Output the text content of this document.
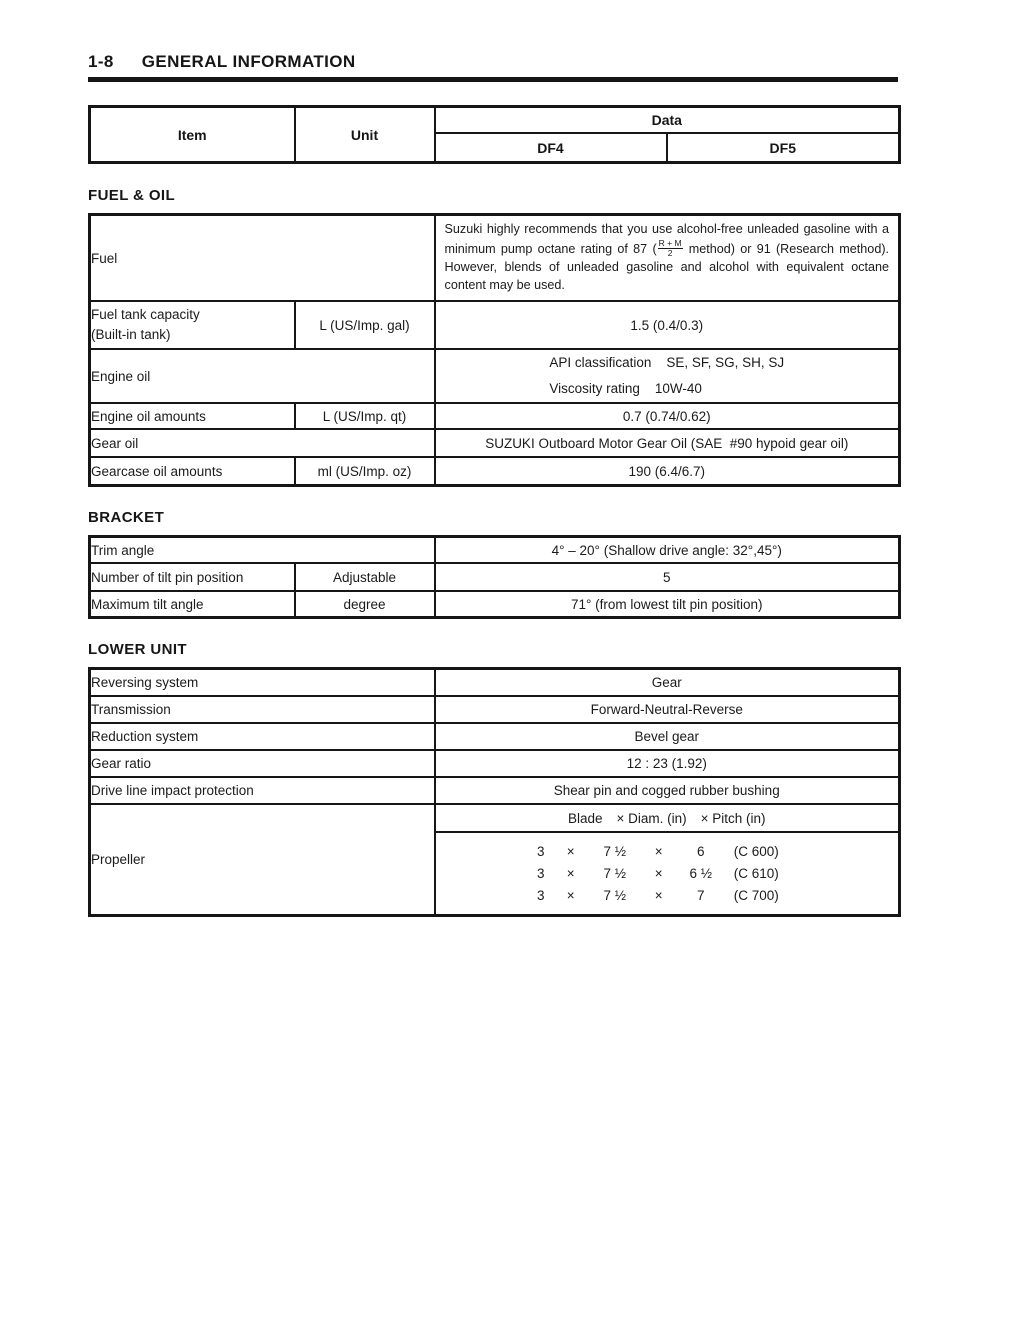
1-8 GENERAL INFORMATION
Item	Unit	Data	
		DF4	DF5
FUEL & OIL
Fuel		Suzuki highly recommends that you use alcohol-free unleaded gasoline with a minimum pump octane rating of 87 ( $\frac{R + M}{2}$ method) or 91 (Research method). However, blends of unleaded gasoline and alcohol with equivalent octane content may be used.

Fuel tank capacity
(Built-in tank)	L (US/Imp. gal)	1.5 (0.4/0.3)
Engine oil		API classification    SE, SF, SG, SH, SJ
Viscosity rating    10W-40

Engine oil amounts	L (US/Imp. qt)	0.7 (0.74/0.62)
Gear oil		SUZUKI Outboard Motor Gear Oil (SAE  #90 hypoid gear oil)
Gearcase oil amounts	ml (US/Imp. oz)	190 (6.4/6.7)
BRACKET
Trim angle		4° – 20° (Shallow drive angle: 32°,45°)
Number of tilt pin position	Adjustable	5
Maximum tilt angle	degree	71° (from lowest tilt pin position)
LOWER UNIT
Reversing system	Gear
Transmission	Forward-Neutral-Reverse
Reduction system	Bevel gear
Gear ratio	12 : 23 (1.92)
Drive line impact protection	Shear pin and cogged rubber bushing
Propeller	
Blade × Diam. (in) × Pitch (in)
3	×	7 ½	×	6	(C 600)
3	×	7 ½	×	6 ½	(C 610)
3	×	7 ½	×	7	(C 700)
